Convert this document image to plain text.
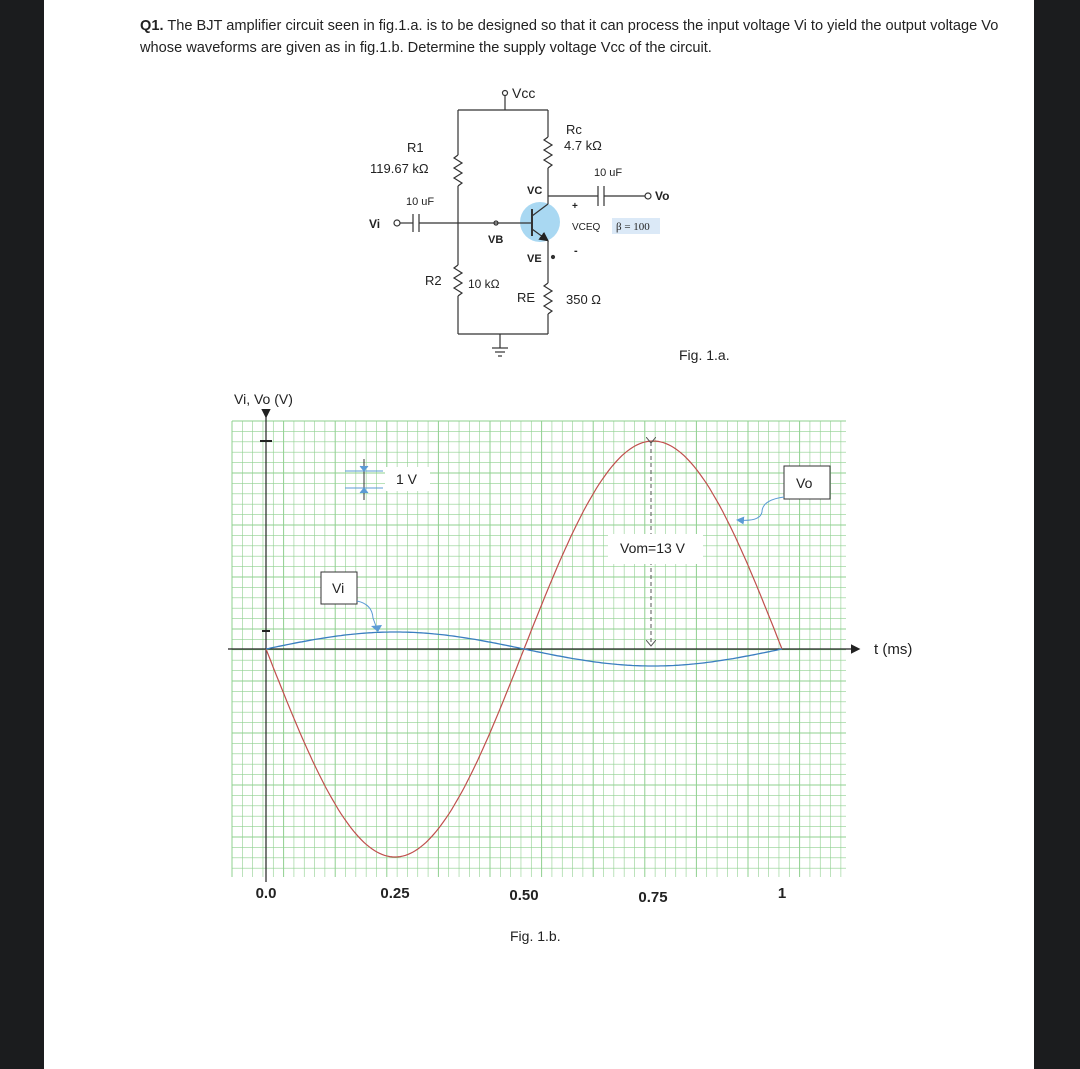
Q1. The BJT amplifier circuit seen in fig.1.a. is to be designed so that it can process the input voltage Vi to yield the output voltage Vo whose waveforms are given as in fig.1.b. Determine the supply voltage Vcc of the circuit.
Vcc
R1
119.67 kΩ
Rc
4.7 kΩ
10 uF
Vo
VC
10 uF
Vi
VB
+
VCEQ
-
β = 100
VE
R2 10 kΩ
RE 350 Ω
Fig. 1.a.
1 V
Vi
Vo
Vom=13 V
Vi, Vo (V)
t (ms)
0.0	0.25	0.50	0.75	1
Fig. 1.b.
